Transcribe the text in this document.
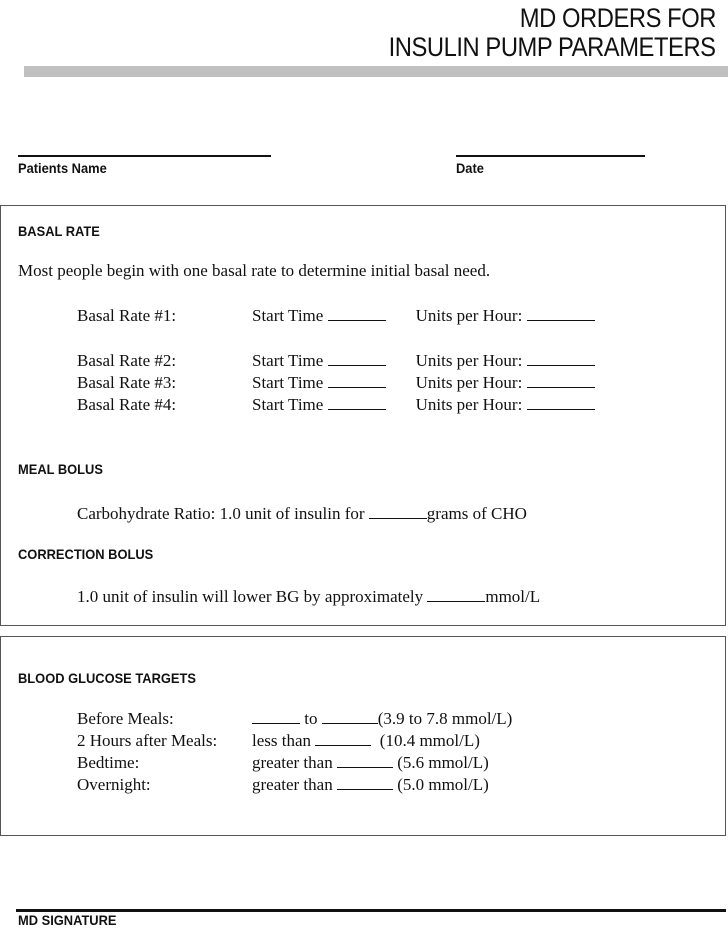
MD ORDERS FOR
INSULIN PUMP PARAMETERS
Patients Name	Date
BASAL RATE
Most people begin with one basal rate to determine initial basal need.
Basal Rate #1:	Start Time	Units per Hour:
Basal Rate #2:	Start Time	Units per Hour:
Basal Rate #3:	Start Time	Units per Hour:
Basal Rate #4:	Start Time	Units per Hour:
MEAL BOLUS
Carbohydrate Ratio: 1.0 unit of insulin for	grams of CHO
CORRECTION BOLUS
1.0 unit of insulin will lower BG by approximately	mmol/L
BLOOD GLUCOSE TARGETS
Before Meals:	to	(3.9 to 7.8 mmol/L)
2 Hours after Meals: less than	(10.4 mmol/L)
Bedtime:	greater than	(5.6 mmol/L)
Overnight:	greater than	(5.0 mmol/L)
MD SIGNATURE
